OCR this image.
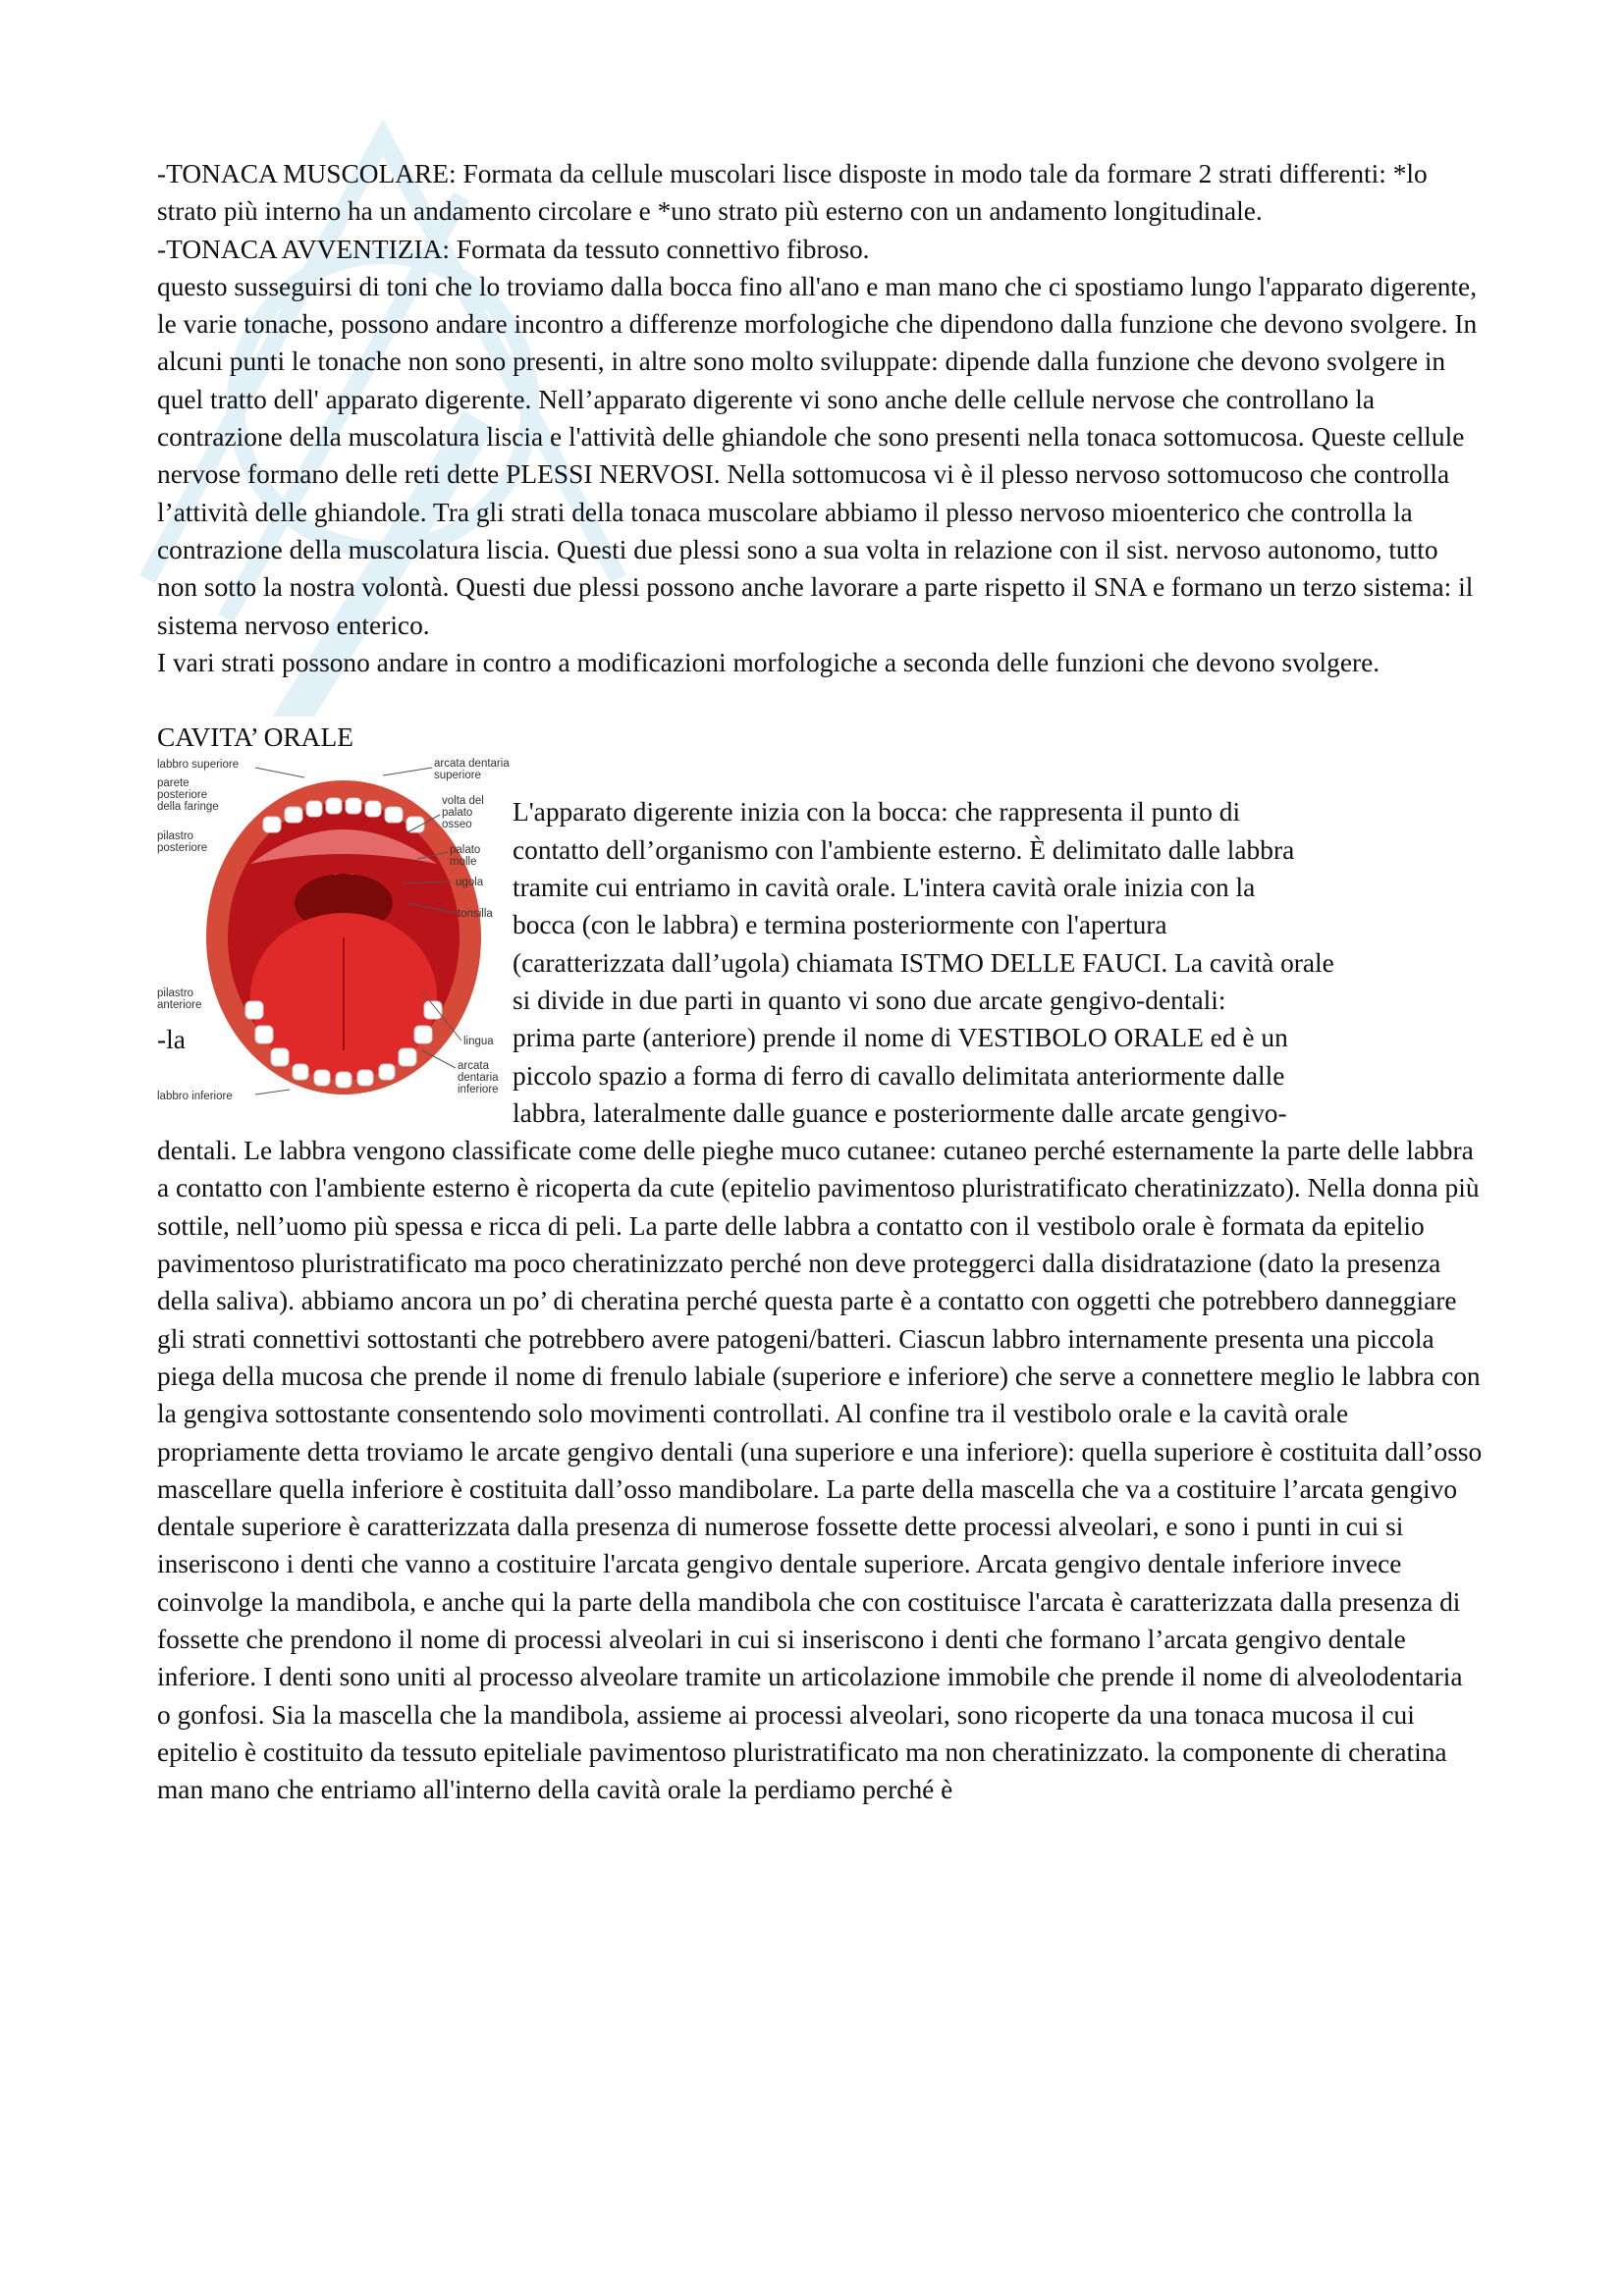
-TONACA MUSCOLARE: Formata da cellule muscolari lisce disposte in modo tale da formare 2 strati differenti: *lo strato più interno ha un andamento circolare e *uno strato più esterno con un andamento longitudinale.

-TONACA AVVENTIZIA: Formata da tessuto connettivo fibroso.

questo susseguirsi di toni che lo troviamo dalla bocca fino all'ano e man mano che ci spostiamo lungo l'apparato digerente, le varie tonache, possono andare incontro a differenze morfologiche che dipendono dalla funzione che devono svolgere. In alcuni punti le tonache non sono presenti, in altre sono molto sviluppate: dipende dalla funzione che devono svolgere in quel tratto dell' apparato digerente. Nell’apparato digerente vi sono anche delle cellule nervose che controllano la contrazione della muscolatura liscia e l'attività delle ghiandole che sono presenti nella tonaca sottomucosa. Queste cellule nervose formano delle reti dette PLESSI NERVOSI. Nella sottomucosa vi è il plesso nervoso sottomucoso che controlla l’attività delle ghiandole. Tra gli strati della tonaca muscolare abbiamo il plesso nervoso mioenterico che controlla la contrazione della muscolatura liscia. Questi due plessi sono a sua volta in relazione con il sist. nervoso autonomo, tutto non sotto la nostra volontà. Questi due plessi possono anche lavorare a parte rispetto il SNA e formano un terzo sistema: il sistema nervoso enterico.

I vari strati possono andare in contro a modificazioni morfologiche a seconda delle funzioni che devono svolgere.

CAVITA’ ORALE

labbro superiore
parete posteriore della faringe
pilastro posteriore
pilastro anteriore
labbro inferiore
arcata dentaria superiore
volta del palato osseo
palato molle
ugola
tonsilla
lingua
arcata dentaria inferiore
L'apparato digerente inizia con la bocca: che rappresenta il punto di
contatto dell’organismo con l'ambiente esterno. È delimitato dalle labbra
tramite cui entriamo in cavità orale. L'intera cavità orale inizia con la
bocca (con le labbra) e termina posteriormente con l'apertura
(caratterizzata dall’ugola) chiamata ISTMO DELLE FAUCI. La cavità orale
si divide in due parti in quanto vi sono due arcate gengivo-dentali:
prima parte (anteriore) prende il nome di VESTIBOLO ORALE ed è un
piccolo spazio a forma di ferro di cavallo delimitata anteriormente dalle
labbra, lateralmente dalle guance e posteriormente dalle arcate gengivo-
-la

dentali. Le labbra vengono classificate come delle pieghe muco cutanee: cutaneo perché esternamente la parte delle labbra a contatto con l'ambiente esterno è ricoperta da cute (epitelio pavimentoso pluristratificato cheratinizzato). Nella donna più sottile, nell’uomo più spessa e ricca di peli. La parte delle labbra a contatto con il vestibolo orale è formata da epitelio pavimentoso pluristratificato ma poco cheratinizzato perché non deve proteggerci dalla disidratazione (dato la presenza della saliva). abbiamo ancora un po’ di cheratina perché questa parte è a contatto con oggetti che potrebbero danneggiare gli strati connettivi sottostanti che potrebbero avere patogeni/batteri. Ciascun labbro internamente presenta una piccola piega della mucosa che prende il nome di frenulo labiale (superiore e inferiore) che serve a connettere meglio le labbra con la gengiva sottostante consentendo solo movimenti controllati. Al confine tra il vestibolo orale e la cavità orale propriamente detta troviamo le arcate gengivo dentali (una superiore e una inferiore): quella superiore è costituita dall’osso mascellare quella inferiore è costituita dall’osso mandibolare. La parte della mascella che va a costituire l’arcata gengivo dentale superiore è caratterizzata dalla presenza di numerose fossette dette processi alveolari, e sono i punti in cui si inseriscono i denti che vanno a costituire l'arcata gengivo dentale superiore. Arcata gengivo dentale inferiore invece coinvolge la mandibola, e anche qui la parte della mandibola che con costituisce l'arcata è caratterizzata dalla presenza di fossette che prendono il nome di processi alveolari in cui si inseriscono i denti che formano l’arcata gengivo dentale inferiore. I denti sono uniti al processo alveolare tramite un articolazione immobile che prende il nome di alveolodentaria o gonfosi. Sia la mascella che la mandibola, assieme ai processi alveolari, sono ricoperte da una tonaca mucosa il cui epitelio è costituito da tessuto epiteliale pavimentoso pluristratificato ma non cheratinizzato. la componente di cheratina man mano che entriamo all'interno della cavità orale la perdiamo perché è
